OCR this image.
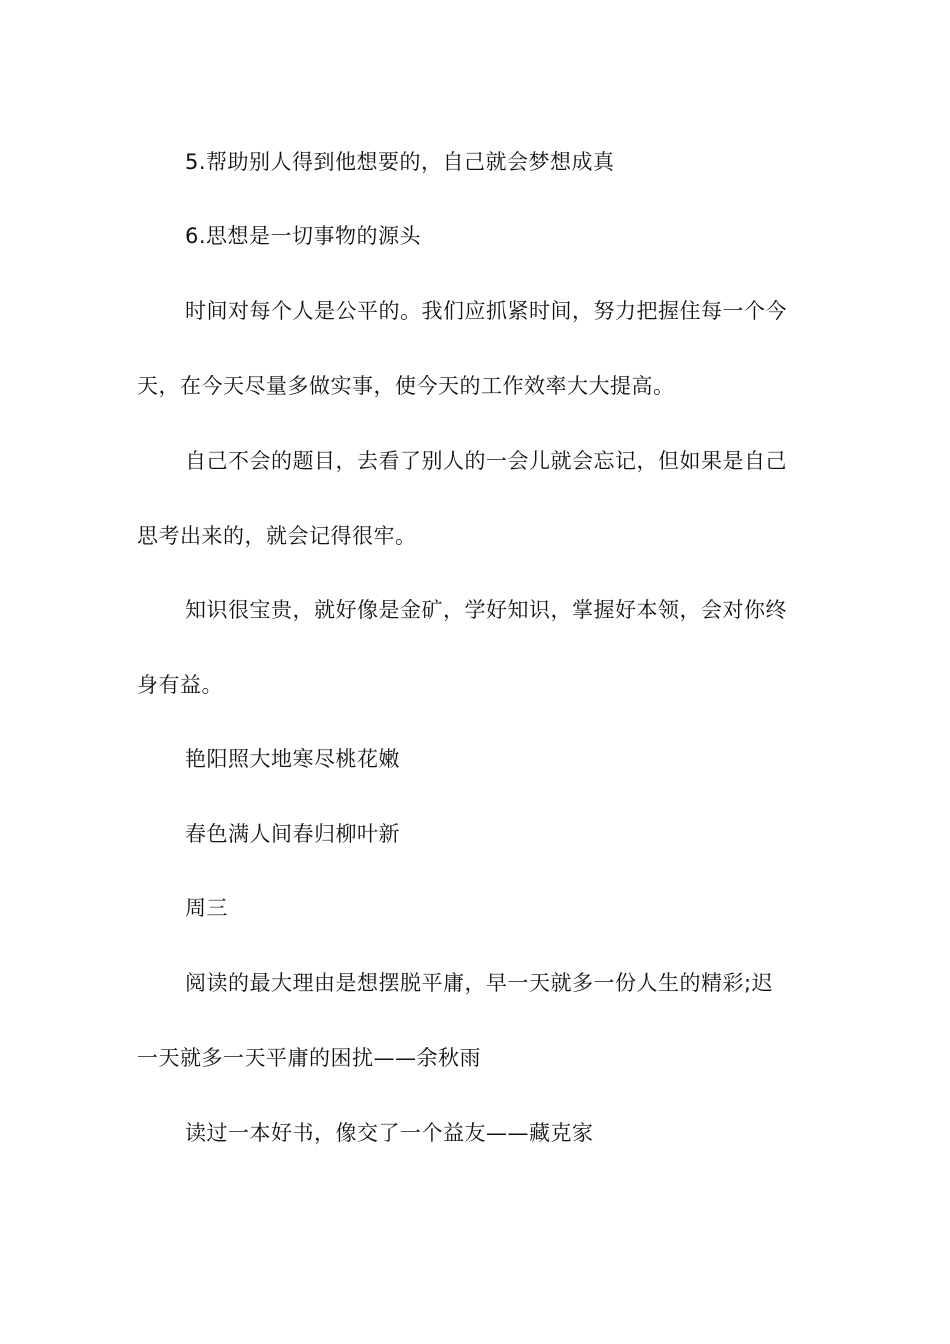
5.帮助别人得到他想要的，自己就会梦想成真

6.思想是一切事物的源头

时间对每个人是公平的。我们应抓紧时间，努力把握住每一个今

天，在今天尽量多做实事，使今天的工作效率大大提高。

自己不会的题目，去看了别人的一会儿就会忘记，但如果是自己

思考出来的，就会记得很牢。

知识很宝贵，就好像是金矿，学好知识，掌握好本领，会对你终

身有益。

艳阳照大地寒尽桃花嫩

春色满人间春归柳叶新

周三

阅读的最大理由是想摆脱平庸，早一天就多一份人生的精彩;迟

一天就多一天平庸的困扰——余秋雨

读过一本好书，像交了一个益友——藏克家
